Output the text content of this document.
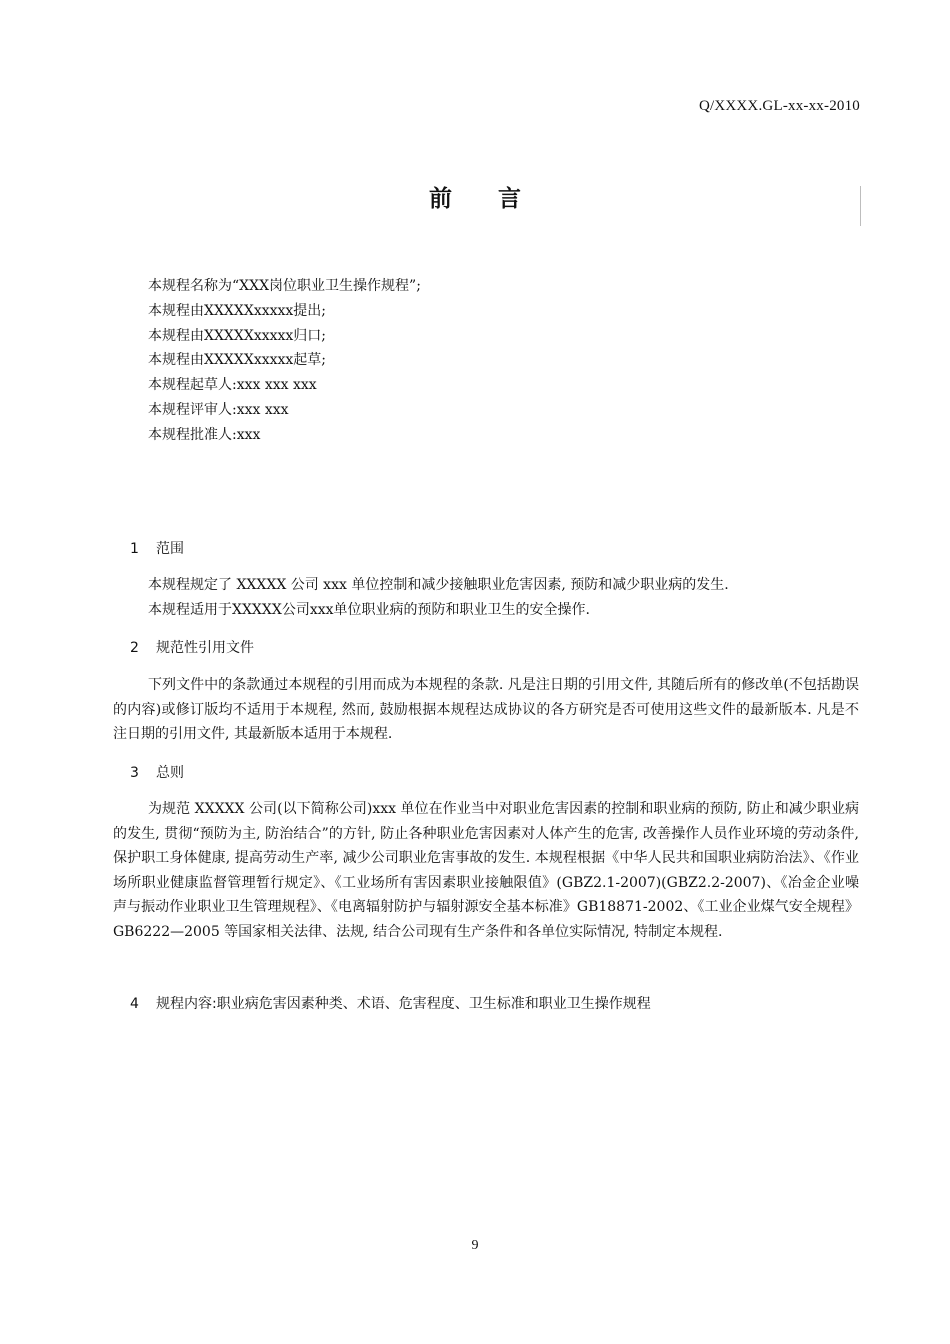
Q/XXXX.GL-xx-xx-2010
前言
本规程名称为“XXX岗位职业卫生操作规程”;
本规程由XXXXXxxxxx提出;
本规程由XXXXXxxxxx归口;
本规程由XXXXXxxxxx起草;
本规程起草人:xxx xxx xxx
本规程评审人:xxx xxx
本规程批准人:xxx
1 范围

本规程规定了 XXXXX 公司 xxx 单位控制和减少接触职业危害因素, 预防和减少职业病的发生.

本规程适用于XXXXX公司xxx单位职业病的预防和职业卫生的安全操作.

2 规范性引用文件

下列文件中的条款通过本规程的引用而成为本规程的条款. 凡是注日期的引用文件, 其随后所有的修改单(不包括勘误的内容)或修订版均不适用于本规程, 然而, 鼓励根据本规程达成协议的各方研究是否可使用这些文件的最新版本. 凡是不注日期的引用文件, 其最新版本适用于本规程.

3 总则

为规范 XXXXX 公司(以下简称公司)xxx 单位在作业当中对职业危害因素的控制和职业病的预防, 防止和减少职业病的发生, 贯彻“预防为主, 防治结合”的方针, 防止各种职业危害因素对人体产生的危害, 改善操作人员作业环境的劳动条件, 保护职工身体健康, 提高劳动生产率, 减少公司职业危害事故的发生. 本规程根据《中华人民共和国职业病防治法》、《作业场所职业健康监督管理暂行规定》、《工业场所有害因素职业接触限值》(GBZ2.1-2007)(GBZ2.2-2007)、《冶金企业噪声与振动作业职业卫生管理规程》、《电离辐射防护与辐射源安全基本标准》GB18871-2002、《工业企业煤气安全规程》GB6222—2005 等国家相关法律、法规, 结合公司现有生产条件和各单位实际情况, 特制定本规程.

4 规程内容:职业病危害因素种类、术语、危害程度、卫生标准和职业卫生操作规程
9
